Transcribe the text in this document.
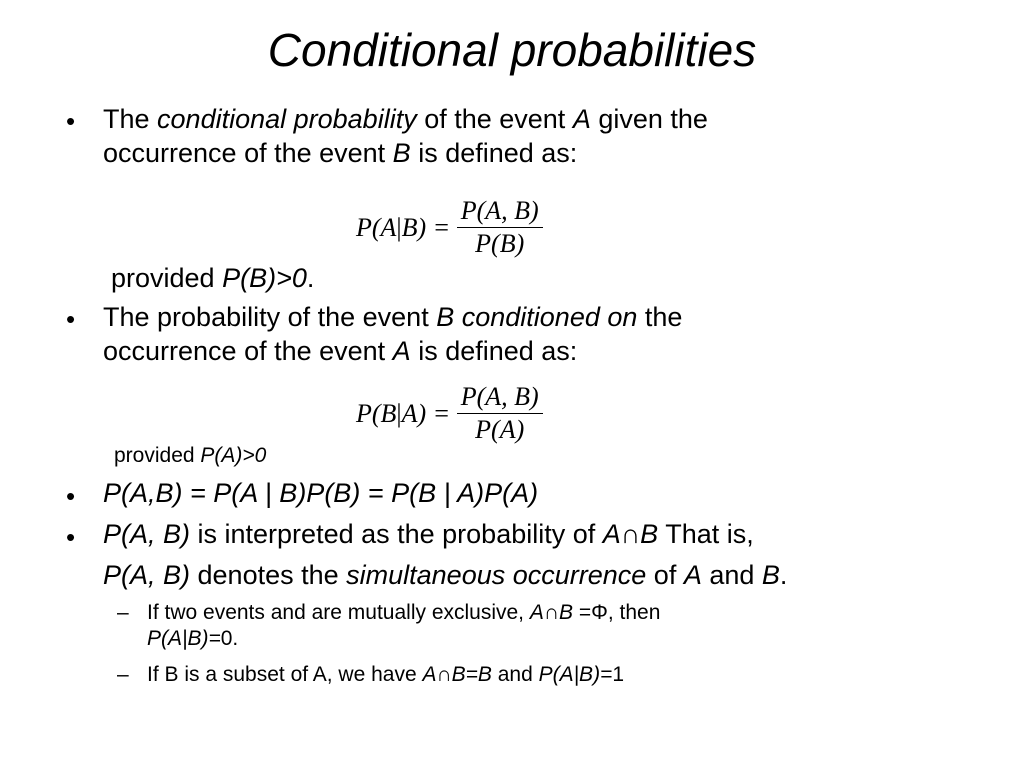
Conditional probabilities
• The conditional probability of the event A given the
occurrence of the event B is defined as:
$P(A|B) = \frac{P(A, B)}{P(B)}$
provided P(B)>0.
• The probability of the event B conditioned on the
occurrence of the event A is defined as:
$P(B|A) = \frac{P(A, B)}{P(A)}$
provided P(A)>0
• P(A,B) = P(A | B)P(B) = P(B | A)P(A)
• P(A, B) is interpreted as the probability of A∩B That is,
P(A, B) denotes the simultaneous occurrence of A and B.
– If two events and are mutually exclusive, A∩B =Φ, then
P(A|B)=0.
– If B is a subset of A, we have A∩B=B and P(A|B)=1
